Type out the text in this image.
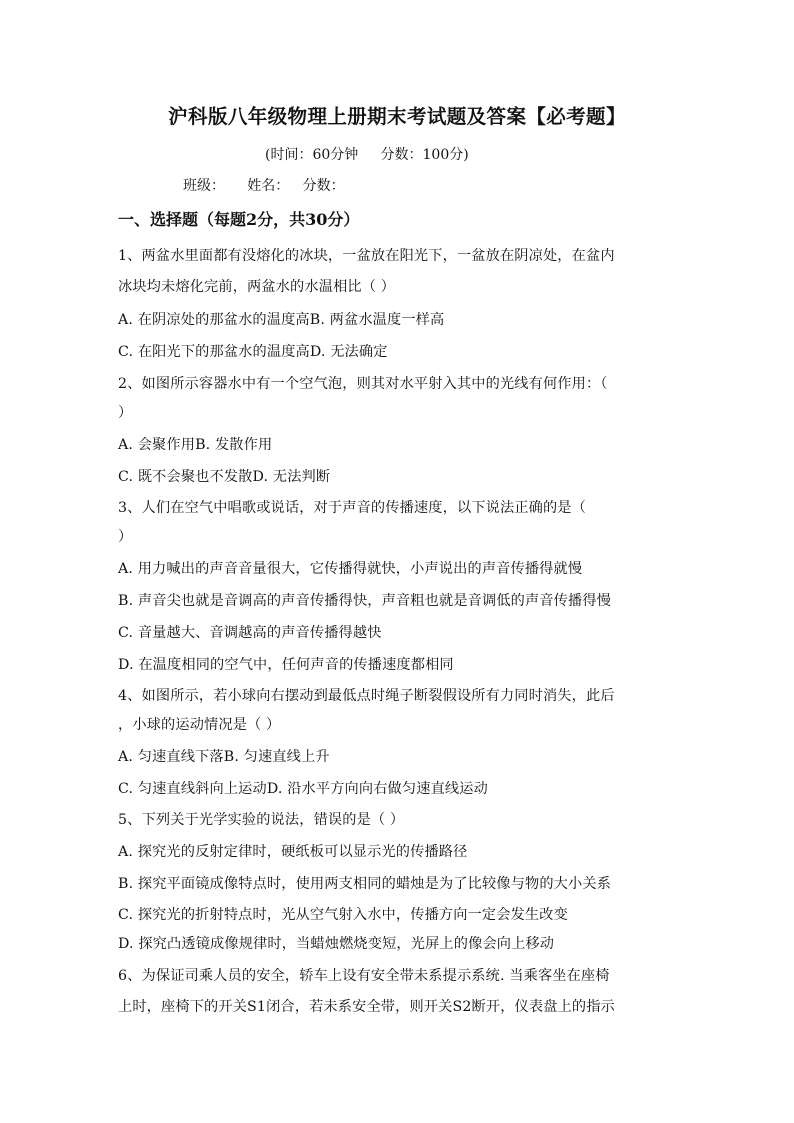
沪科版八年级物理上册期末考试题及答案【必考题】
(时间：60分钟     分数：100分)
班级：     姓名：   分数：
一、选择题（每题2分，共30分）
1、两盆水里面都有没熔化的冰块，一盆放在阳光下，一盆放在阴凉处，在盆内
冰块均未熔化完前，两盆水的水温相比（ ）
A. 在阴凉处的那盆水的温度高B. 两盆水温度一样高
C. 在阳光下的那盆水的温度高D. 无法确定
2、如图所示容器水中有一个空气泡，则其对水平射入其中的光线有何作用：（
）
A. 会聚作用B. 发散作用
C. 既不会聚也不发散D. 无法判断
3、人们在空气中唱歌或说话，对于声音的传播速度，以下说法正确的是（
）
A. 用力喊出的声音音量很大，它传播得就快，小声说出的声音传播得就慢
B. 声音尖也就是音调高的声音传播得快，声音粗也就是音调低的声音传播得慢
C. 音量越大、音调越高的声音传播得越快
D. 在温度相同的空气中，任何声音的传播速度都相同
4、如图所示，若小球向右摆动到最低点时绳子断裂假设所有力同时消失，此后
，小球的运动情况是（ ）
A. 匀速直线下落B. 匀速直线上升
C. 匀速直线斜向上运动D. 沿水平方向向右做匀速直线运动
5、下列关于光学实验的说法，错误的是（ ）
A. 探究光的反射定律时，硬纸板可以显示光的传播路径
B. 探究平面镜成像特点时，使用两支相同的蜡烛是为了比较像与物的大小关系
C. 探究光的折射特点时，光从空气射入水中，传播方向一定会发生改变
D. 探究凸透镜成像规律时，当蜡烛燃烧变短，光屏上的像会向上移动
6、为保证司乘人员的安全，轿车上设有安全带未系提示系统. 当乘客坐在座椅
上时，座椅下的开关S1闭合，若未系安全带，则开关S2断开，仪表盘上的指示
